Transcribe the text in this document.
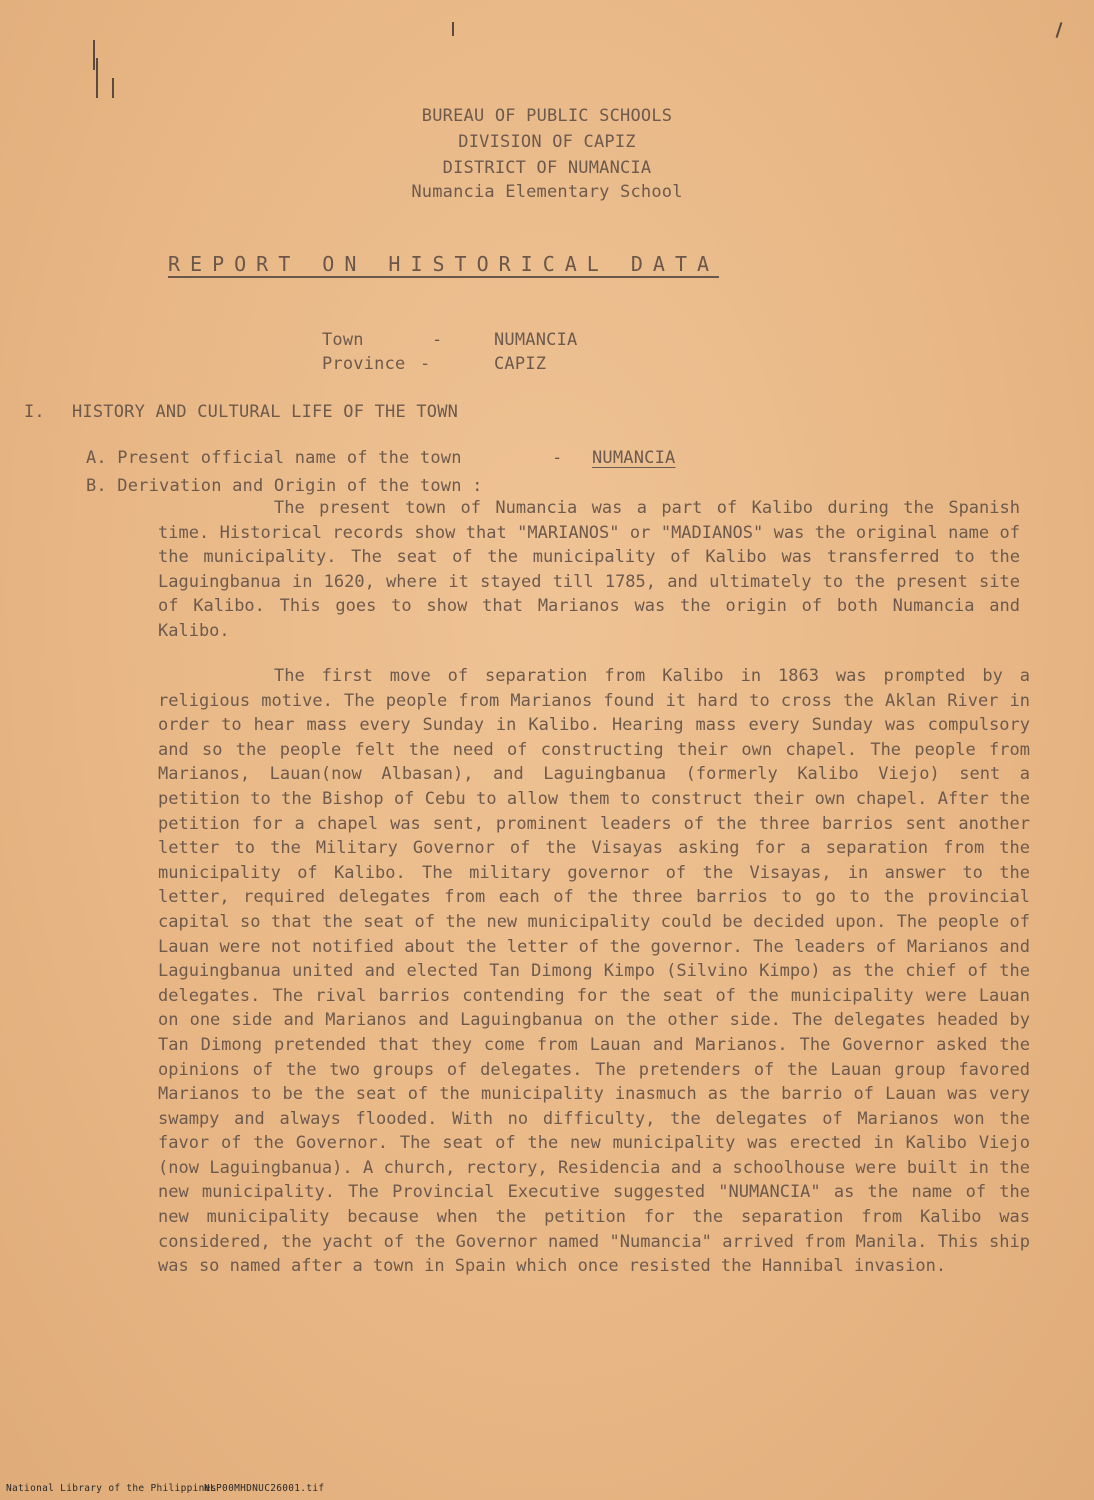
BUREAU OF PUBLIC SCHOOLS
DIVISION OF CAPIZ
DISTRICT OF NUMANCIA
Numancia Elementary School
REPORT ON HISTORICAL DATA
Town	-	NUMANCIA
Province -	CAPIZ
I. HISTORY AND CULTURAL LIFE OF THE TOWN
A. Present official name of the town	- NUMANCIA
B. Derivation and Origin of the town :

The present town of Numancia was a part of Kalibo during the Spanish time. Historical records show that "MARIANOS" or "MADIANOS" was the original name of the municipality. The seat of the municipality of Kalibo was transferred to the Laguingbanua in 1620, where it stayed till 1785, and ultimately to the present site of Kalibo. This goes to show that Marianos was the origin of both Numancia and Kalibo.

The first move of separation from Kalibo in 1863 was prompted by a religious motive. The people from Marianos found it hard to cross the Aklan River in order to hear mass every Sunday in Kalibo. Hearing mass every Sunday was compulsory and so the people felt the need of constructing their own chapel. The people from Marianos, Lauan(now Albasan), and Laguingbanua (formerly Kalibo Viejo) sent a petition to the Bishop of Cebu to allow them to construct their own chapel. After the petition for a chapel was sent, prominent leaders of the three barrios sent another letter to the Military Governor of the Visayas asking for a separation from the municipality of Kalibo. The military governor of the Visayas, in answer to the letter, required delegates from each of the three barrios to go to the provincial capital so that the seat of the new municipality could be decided upon. The people of Lauan were not notified about the letter of the governor. The leaders of Marianos and Laguingbanua united and elected Tan Dimong Kimpo (Silvino Kimpo) as the chief of the delegates. The rival barrios contending for the seat of the municipality were Lauan on one side and Marianos and Laguingbanua on the other side. The delegates headed by Tan Dimong pretended that they come from Lauan and Marianos. The Governor asked the opinions of the two groups of delegates. The pretenders of the Lauan group favored Marianos to be the seat of the municipality inasmuch as the barrio of Lauan was very swampy and always flooded. With no difficulty, the delegates of Marianos won the favor of the Governor. The seat of the new municipality was erected in Kalibo Viejo (now Laguingbanua). A church, rectory, Residencia and a schoolhouse were built in the new municipality. The Provincial Executive suggested "NUMANCIA" as the name of the new municipality because when the petition for the separation from Kalibo was considered, the yacht of the Governor named "Numancia" arrived from Manila. This ship was so named after a town in Spain which once resisted the Hannibal invasion.

National Library of the Philippines
NLP00MHDNUC26001.tif
